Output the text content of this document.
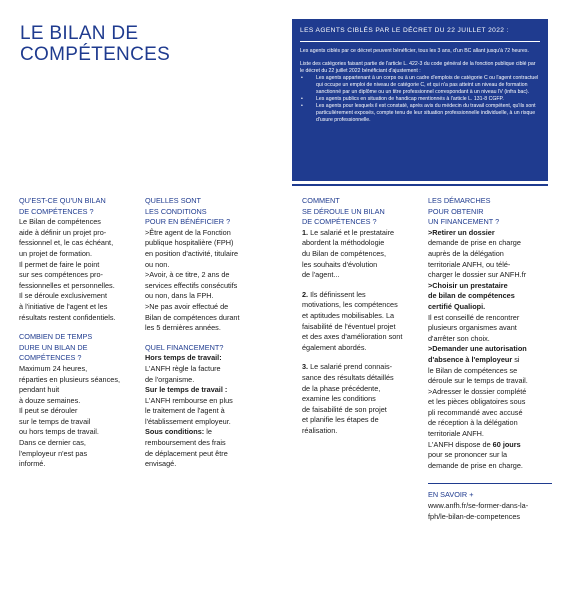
LE BILAN DE
COMPÉTENCES

LES AGENTS CIBLÉS PAR LE DÉCRET DU 22 JUILLET 2022 :

Les agents ciblés par ce décret peuvent bénéficier, tous les 3 ans, d'un BC allant jusqu'à 72 heures.

Liste des catégories faisant partie de l'article L. 422-3 du code général de la fonction publique ciblé par le décret du 22 juillet 2022 bénéficiant d'ajustement :

• Les agents appartenant à un corps ou à un cadre d'emplois de catégorie C ou l'agent contractuel qui occupe un emploi de niveau de catégorie C, et qui n'a pas atteint un niveau de formation sanctionné par un diplôme ou un titre professionnel correspondant à un niveau IV (infra bac).
• Les agents publics en situation de handicap mentionnés à l'article L. 131-8 CGFP.
• Les agents pour lesquels il est constaté, après avis du médecin du travail compétent, qu'ils sont particulièrement exposés, compte tenu de leur situation professionnelle individuelle, à un risque d'usure professionnelle.
QU'EST-CE QU'UN BILAN
DE COMPÉTENCES ?
Le Bilan de compétences
aide à définir un projet pro-
fessionnel et, le cas échéant,
un projet de formation.
Il permet de faire le point
sur ses compétences pro-
fessionnelles et personnelles.
Il se déroule exclusivement
à l'initiative de l'agent et les
résultats restent confidentiels.
COMBIEN DE TEMPS
DURE UN BILAN DE
COMPÉTENCES ?
Maximum 24 heures,
réparties en plusieurs séances,
pendant huit
à douze semaines.
Il peut se dérouler
sur le temps de travail
ou hors temps de travail.
Dans ce dernier cas,
l'employeur n'est pas
informé.
QUELLES SONT
LES CONDITIONS
POUR EN BÉNÉFICIER ?
>Être agent de la Fonction
publique hospitalière (FPH)
en position d'activité, titulaire
ou non.
>Avoir, à ce titre, 2 ans de
services effectifs consécutifs
ou non, dans la FPH.
>Ne pas avoir effectué de
Bilan de compétences durant
les 5 dernières années.
QUEL FINANCEMENT?
Hors temps de travail:
L'ANFH règle la facture
de l'organisme.
Sur le temps de travail :
L'ANFH rembourse en plus
le traitement de l'agent à
l'établissement employeur.
Sous conditions: le
remboursement des frais
de déplacement peut être
envisagé.
COMMENT
SE DÉROULE UN BILAN
DE COMPÉTENCES ?
1. Le salarié et le prestataire
abordent la méthodologie
du Bilan de compétences,
les souhaits d'évolution
de l'agent...
2. Ils définissent les
motivations, les compétences
et aptitudes mobilisables. La
faisabilité de l'éventuel projet
et des axes d'amélioration sont
également abordés.
3. Le salarié prend connais-
sance des résultats détaillés
de la phase précédente,
examine les conditions
de faisabilité de son projet
et planifie les étapes de
réalisation.
LES DÉMARCHES
POUR OBTENIR
UN FINANCEMENT ?
>Retirer un dossier
demande de prise en charge
auprès de la délégation
territoriale ANFH, ou télé-
charger le dossier sur ANFH.fr
>Choisir un prestataire
de bilan de compétences
certifié Qualiopi.
Il est conseillé de rencontrer
plusieurs organismes avant
d'arrêter son choix.
>Demander une autorisation
d'absence à l'employeur si
le Bilan de compétences se
déroule sur le temps de travail.
>Adresser le dossier complété
et les pièces obligatoires sous
pli recommandé avec accusé
de réception à la délégation
territoriale ANFH.
L'ANFH dispose de 60 jours
pour se prononcer sur la
demande de prise en charge.
EN SAVOIR +
www.anfh.fr/se-former-dans-la-
fph/le-bilan-de-competences
